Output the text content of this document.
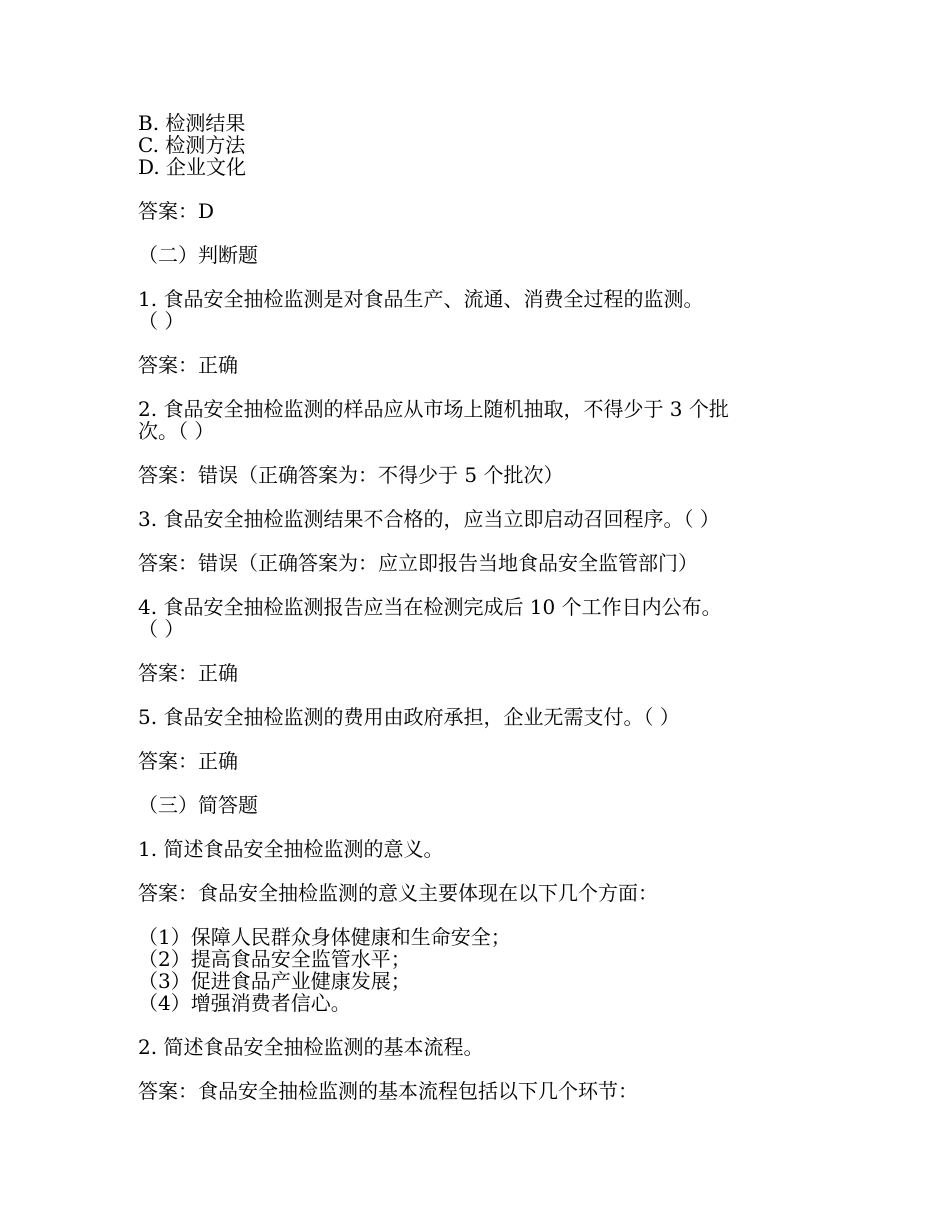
B. 检测结果
C. 检测方法
D. 企业文化
答案：D
（二）判断题
1. 食品安全抽检监测是对食品生产、流通、消费全过程的监测。
（ ）
答案：正确
2. 食品安全抽检监测的样品应从市场上随机抽取，不得少于 3 个批
次。（ ）
答案：错误（正确答案为：不得少于 5 个批次）
3. 食品安全抽检监测结果不合格的，应当立即启动召回程序。（ ）
答案：错误（正确答案为：应立即报告当地食品安全监管部门）
4. 食品安全抽检监测报告应当在检测完成后 10 个工作日内公布。
（ ）
答案：正确
5. 食品安全抽检监测的费用由政府承担，企业无需支付。（ ）
答案：正确
（三）简答题
1. 简述食品安全抽检监测的意义。
答案：食品安全抽检监测的意义主要体现在以下几个方面：
（1）保障人民群众身体健康和生命安全；
（2）提高食品安全监管水平；
（3）促进食品产业健康发展；
（4）增强消费者信心。
2. 简述食品安全抽检监测的基本流程。
答案：食品安全抽检监测的基本流程包括以下几个环节：
